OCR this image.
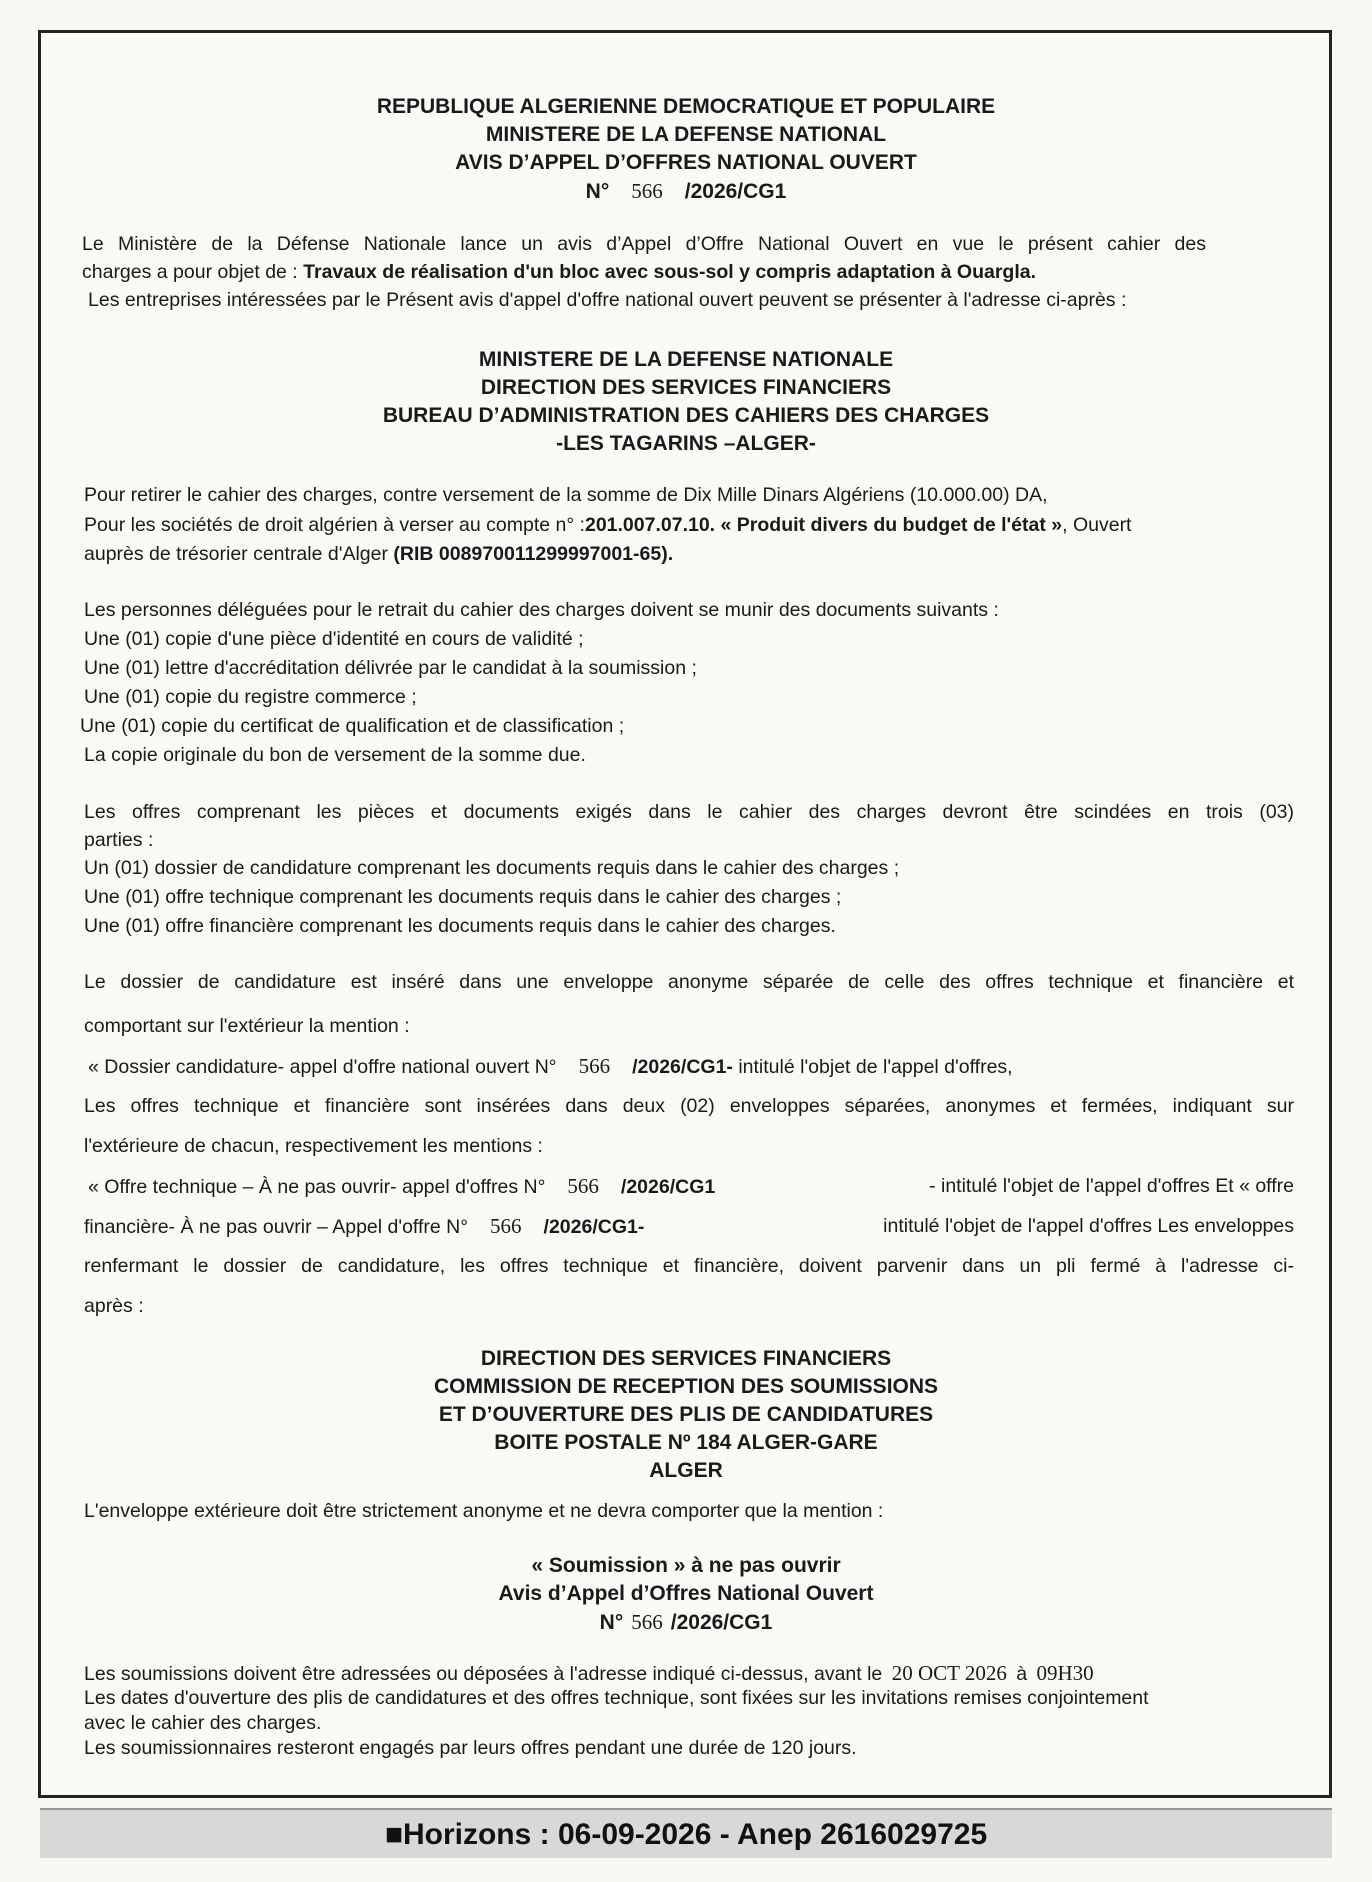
REPUBLIQUE ALGERIENNE DEMOCRATIQUE ET POPULAIRE
MINISTERE DE LA DEFENSE NATIONAL
AVIS D’APPEL D’OFFRES NATIONAL OUVERT
N° 566 /2026/CG1
Le Ministère de la Défense Nationale lance un avis d’Appel d’Offre National Ouvert en vue le présent cahier des
charges a pour objet de : Travaux de réalisation d'un bloc avec sous-sol y compris adaptation à Ouargla.
Les entreprises intéressées par le Présent avis d'appel d'offre national ouvert peuvent se présenter à l'adresse ci-après :
MINISTERE DE LA DEFENSE NATIONALE
DIRECTION DES SERVICES FINANCIERS
BUREAU D’ADMINISTRATION DES CAHIERS DES CHARGES
-LES TAGARINS –ALGER-
Pour retirer le cahier des charges, contre versement de la somme de Dix Mille Dinars Algériens (10.000.00) DA,
Pour les sociétés de droit algérien à verser au compte n° :201.007.07.10. « Produit divers du budget de l'état », Ouvert
auprès de trésorier centrale d'Alger (RIB 008970011299997001-65).
Les personnes déléguées pour le retrait du cahier des charges doivent se munir des documents suivants :
Une (01) copie d'une pièce d'identité en cours de validité ;
Une (01) lettre d'accréditation délivrée par le candidat à la soumission ;
Une (01) copie du registre commerce ;
Une (01) copie du certificat de qualification et de classification ;
La copie originale du bon de versement de la somme due.
Les offres comprenant les pièces et documents exigés dans le cahier des charges devront être scindées en trois (03)
parties :
Un (01) dossier de candidature comprenant les documents requis dans le cahier des charges ;
Une (01) offre technique comprenant les documents requis dans le cahier des charges ;
Une (01) offre financière comprenant les documents requis dans le cahier des charges.
Le dossier de candidature est inséré dans une enveloppe anonyme séparée de celle des offres technique et financière et
comportant sur l'extérieur la mention :
« Dossier candidature- appel d'offre national ouvert N° 566 /2026/CG1- intitulé l'objet de l'appel d'offres,
Les offres technique et financière sont insérées dans deux (02) enveloppes séparées, anonymes et fermées, indiquant sur
l'extérieure de chacun, respectivement les mentions :
« Offre technique – À ne pas ouvrir- appel d'offres N° 566 /2026/CG1	- intitulé l'objet de l'appel d'offres Et « offre
financière- À ne pas ouvrir – Appel d'offre N° 566 /2026/CG1-	intitulé l'objet de l'appel d'offres Les enveloppes
renfermant le dossier de candidature, les offres technique et financière, doivent parvenir dans un pli fermé à l'adresse ci-
après :
DIRECTION DES SERVICES FINANCIERS
COMMISSION DE RECEPTION DES SOUMISSIONS
ET D’OUVERTURE DES PLIS DE CANDIDATURES
BOITE POSTALE Nº 184 ALGER-GARE
ALGER
L'enveloppe extérieure doit être strictement anonyme et ne devra comporter que la mention :
« Soumission » à ne pas ouvrir
Avis d’Appel d’Offres National Ouvert
N° 566 /2026/CG1
Les soumissions doivent être adressées ou déposées à l'adresse indiqué ci-dessus, avant le 20 OCT 2026 à 09H30
Les dates d'ouverture des plis de candidatures et des offres technique, sont fixées sur les invitations remises conjointement
avec le cahier des charges.
Les soumissionnaires resteront engagés par leurs offres pendant une durée de 120 jours.
■Horizons : 06-09-2026 - Anep 2616029725
